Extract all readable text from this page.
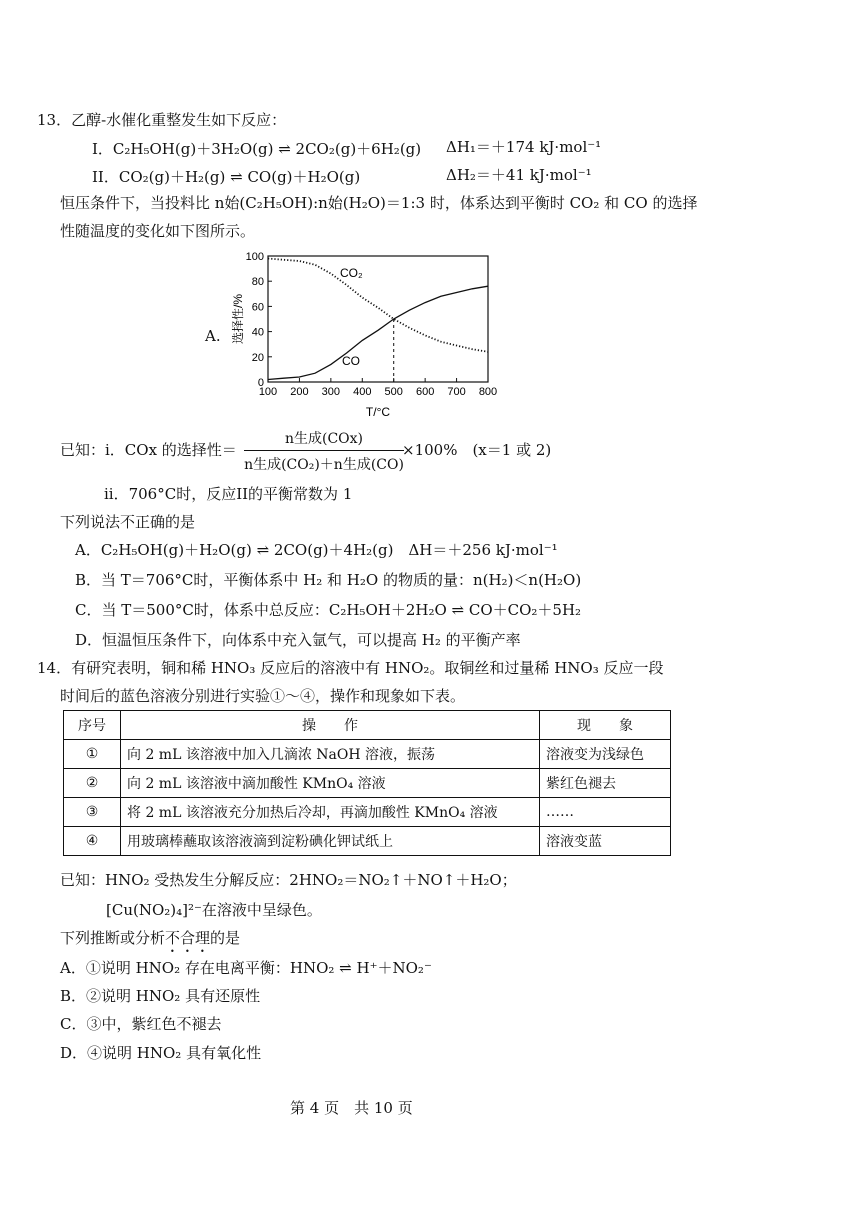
13．乙醇-水催化重整发生如下反应：
I．C₂H₅OH(g)＋3H₂O(g) ⇌ 2CO₂(g)＋6H₂(g) ΔH₁＝＋174 kJ·mol⁻¹
II．CO₂(g)＋H₂(g) ⇌ CO(g)＋H₂O(g)	ΔH₂＝＋41 kJ·mol⁻¹
恒压条件下，当投料比 n始(C₂H₅OH):n始(H₂O)＝1:3 时，体系达到平衡时 CO₂ 和 CO 的选择
性随温度的变化如下图所示。
A.
100 200 300 400 500 600 700 800
0
20
40
60
80
100
选择性/%
T/°C
CO₂
CO
已知：i．COx 的选择性＝
n生成(COx)
n生成(CO₂)＋n生成(CO)
×100%　(x＝1 或 2)
ii．706°C时，反应II的平衡常数为 1
下列说法不正确的是
A．C₂H₅OH(g)＋H₂O(g) ⇌ 2CO(g)＋4H₂(g)　ΔH＝＋256 kJ·mol⁻¹
B．当 T＝706°C时，平衡体系中 H₂ 和 H₂O 的物质的量：n(H₂)＜n(H₂O)
C．当 T＝500°C时，体系中总反应：C₂H₅OH＋2H₂O ⇌ CO＋CO₂＋5H₂
D．恒温恒压条件下，向体系中充入氩气，可以提高 H₂ 的平衡产率
14．有研究表明，铜和稀 HNO₃ 反应后的溶液中有 HNO₂。取铜丝和过量稀 HNO₃ 反应一段
时间后的蓝色溶液分别进行实验①～④，操作和现象如下表。
序号	操　　作	现　　象
①	向 2 mL 该溶液中加入几滴浓 NaOH 溶液，振荡	溶液变为浅绿色
②	向 2 mL 该溶液中滴加酸性 KMnO₄ 溶液	紫红色褪去
③	将 2 mL 该溶液充分加热后冷却，再滴加酸性 KMnO₄ 溶液	……
④	用玻璃棒蘸取该溶液滴到淀粉碘化钾试纸上	溶液变蓝
已知：HNO₂ 受热发生分解反应：2HNO₂＝NO₂↑＋NO↑＋H₂O；
[Cu(NO₂)₄]²⁻在溶液中呈绿色。
下列推断或分析不合理的是
A．①说明 HNO₂ 存在电离平衡：HNO₂ ⇌ H⁺＋NO₂⁻
B．②说明 HNO₂ 具有还原性
C．③中，紫红色不褪去
D．④说明 HNO₂ 具有氧化性
第 4 页　共 10 页
